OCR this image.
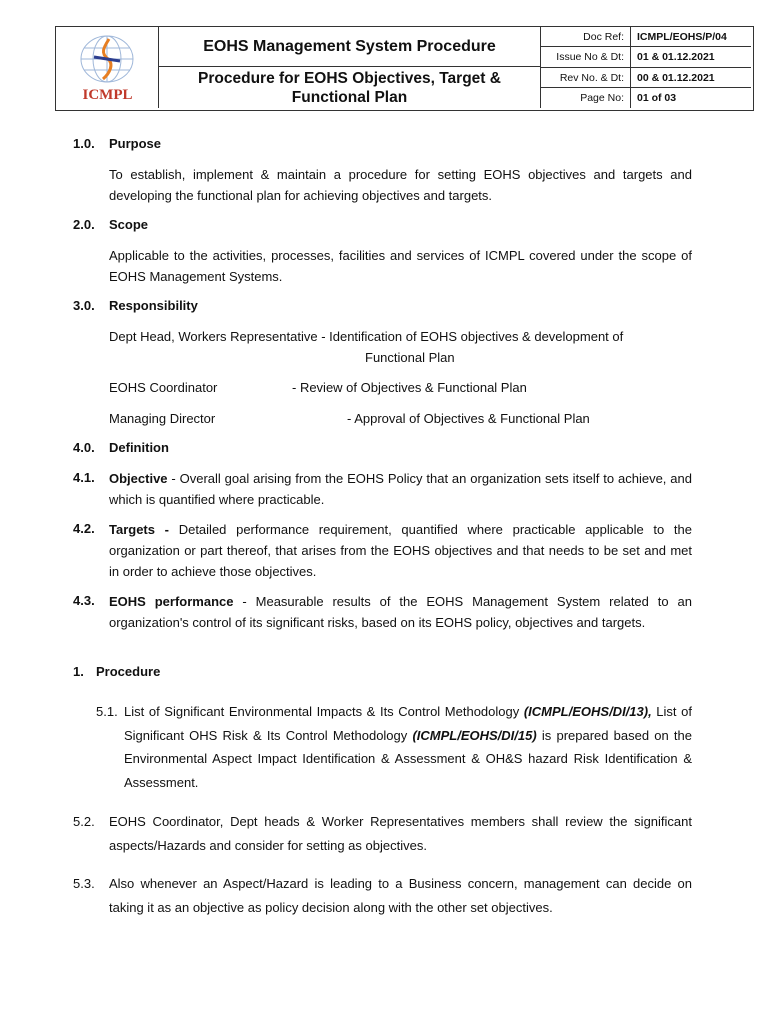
ICMPL
EOHS Management System Procedure
Procedure for EOHS Objectives, Target & Functional Plan
Doc Ref:	ICMPL/EOHS/P/04
Issue No & Dt:	01 & 01.12.2021
Rev No. & Dt:	00 & 01.12.2021
Page No:	01 of 03
1.0. Purpose
To establish, implement & maintain a procedure for setting EOHS objectives and targets and developing the functional plan for achieving objectives and targets.
2.0. Scope
Applicable to the activities, processes, facilities and services of ICMPL covered under the scope of EOHS Management Systems.
3.0. Responsibility
Dept Head, Workers Representative - Identification of EOHS objectives & development of
Functional Plan
EOHS Coordinator	- Review of Objectives & Functional Plan
Managing Director	- Approval of Objectives & Functional Plan
4.0. Definition
4.1. Objective - Overall goal arising from the EOHS Policy that an organization sets itself to achieve, and which is quantified where practicable.
4.2. Targets - Detailed performance requirement, quantified where practicable applicable to the organization or part thereof, that arises from the EOHS objectives and that needs to be set and met in order to achieve those objectives.
4.3. EOHS performance - Measurable results of the EOHS Management System related to an organization's control of its significant risks, based on its EOHS policy, objectives and targets.
1. Procedure
5.1. List of Significant Environmental Impacts & Its Control Methodology (ICMPL/EOHS/DI/13), List of Significant OHS Risk & Its Control Methodology (ICMPL/EOHS/DI/15) is prepared based on the Environmental Aspect Impact Identification & Assessment & OH&S hazard Risk Identification & Assessment.
5.2. EOHS Coordinator, Dept heads & Worker Representatives members shall review the significant aspects/Hazards and consider for setting as objectives.
5.3. Also whenever an Aspect/Hazard is leading to a Business concern, management can decide on taking it as an objective as policy decision along with the other set objectives.
